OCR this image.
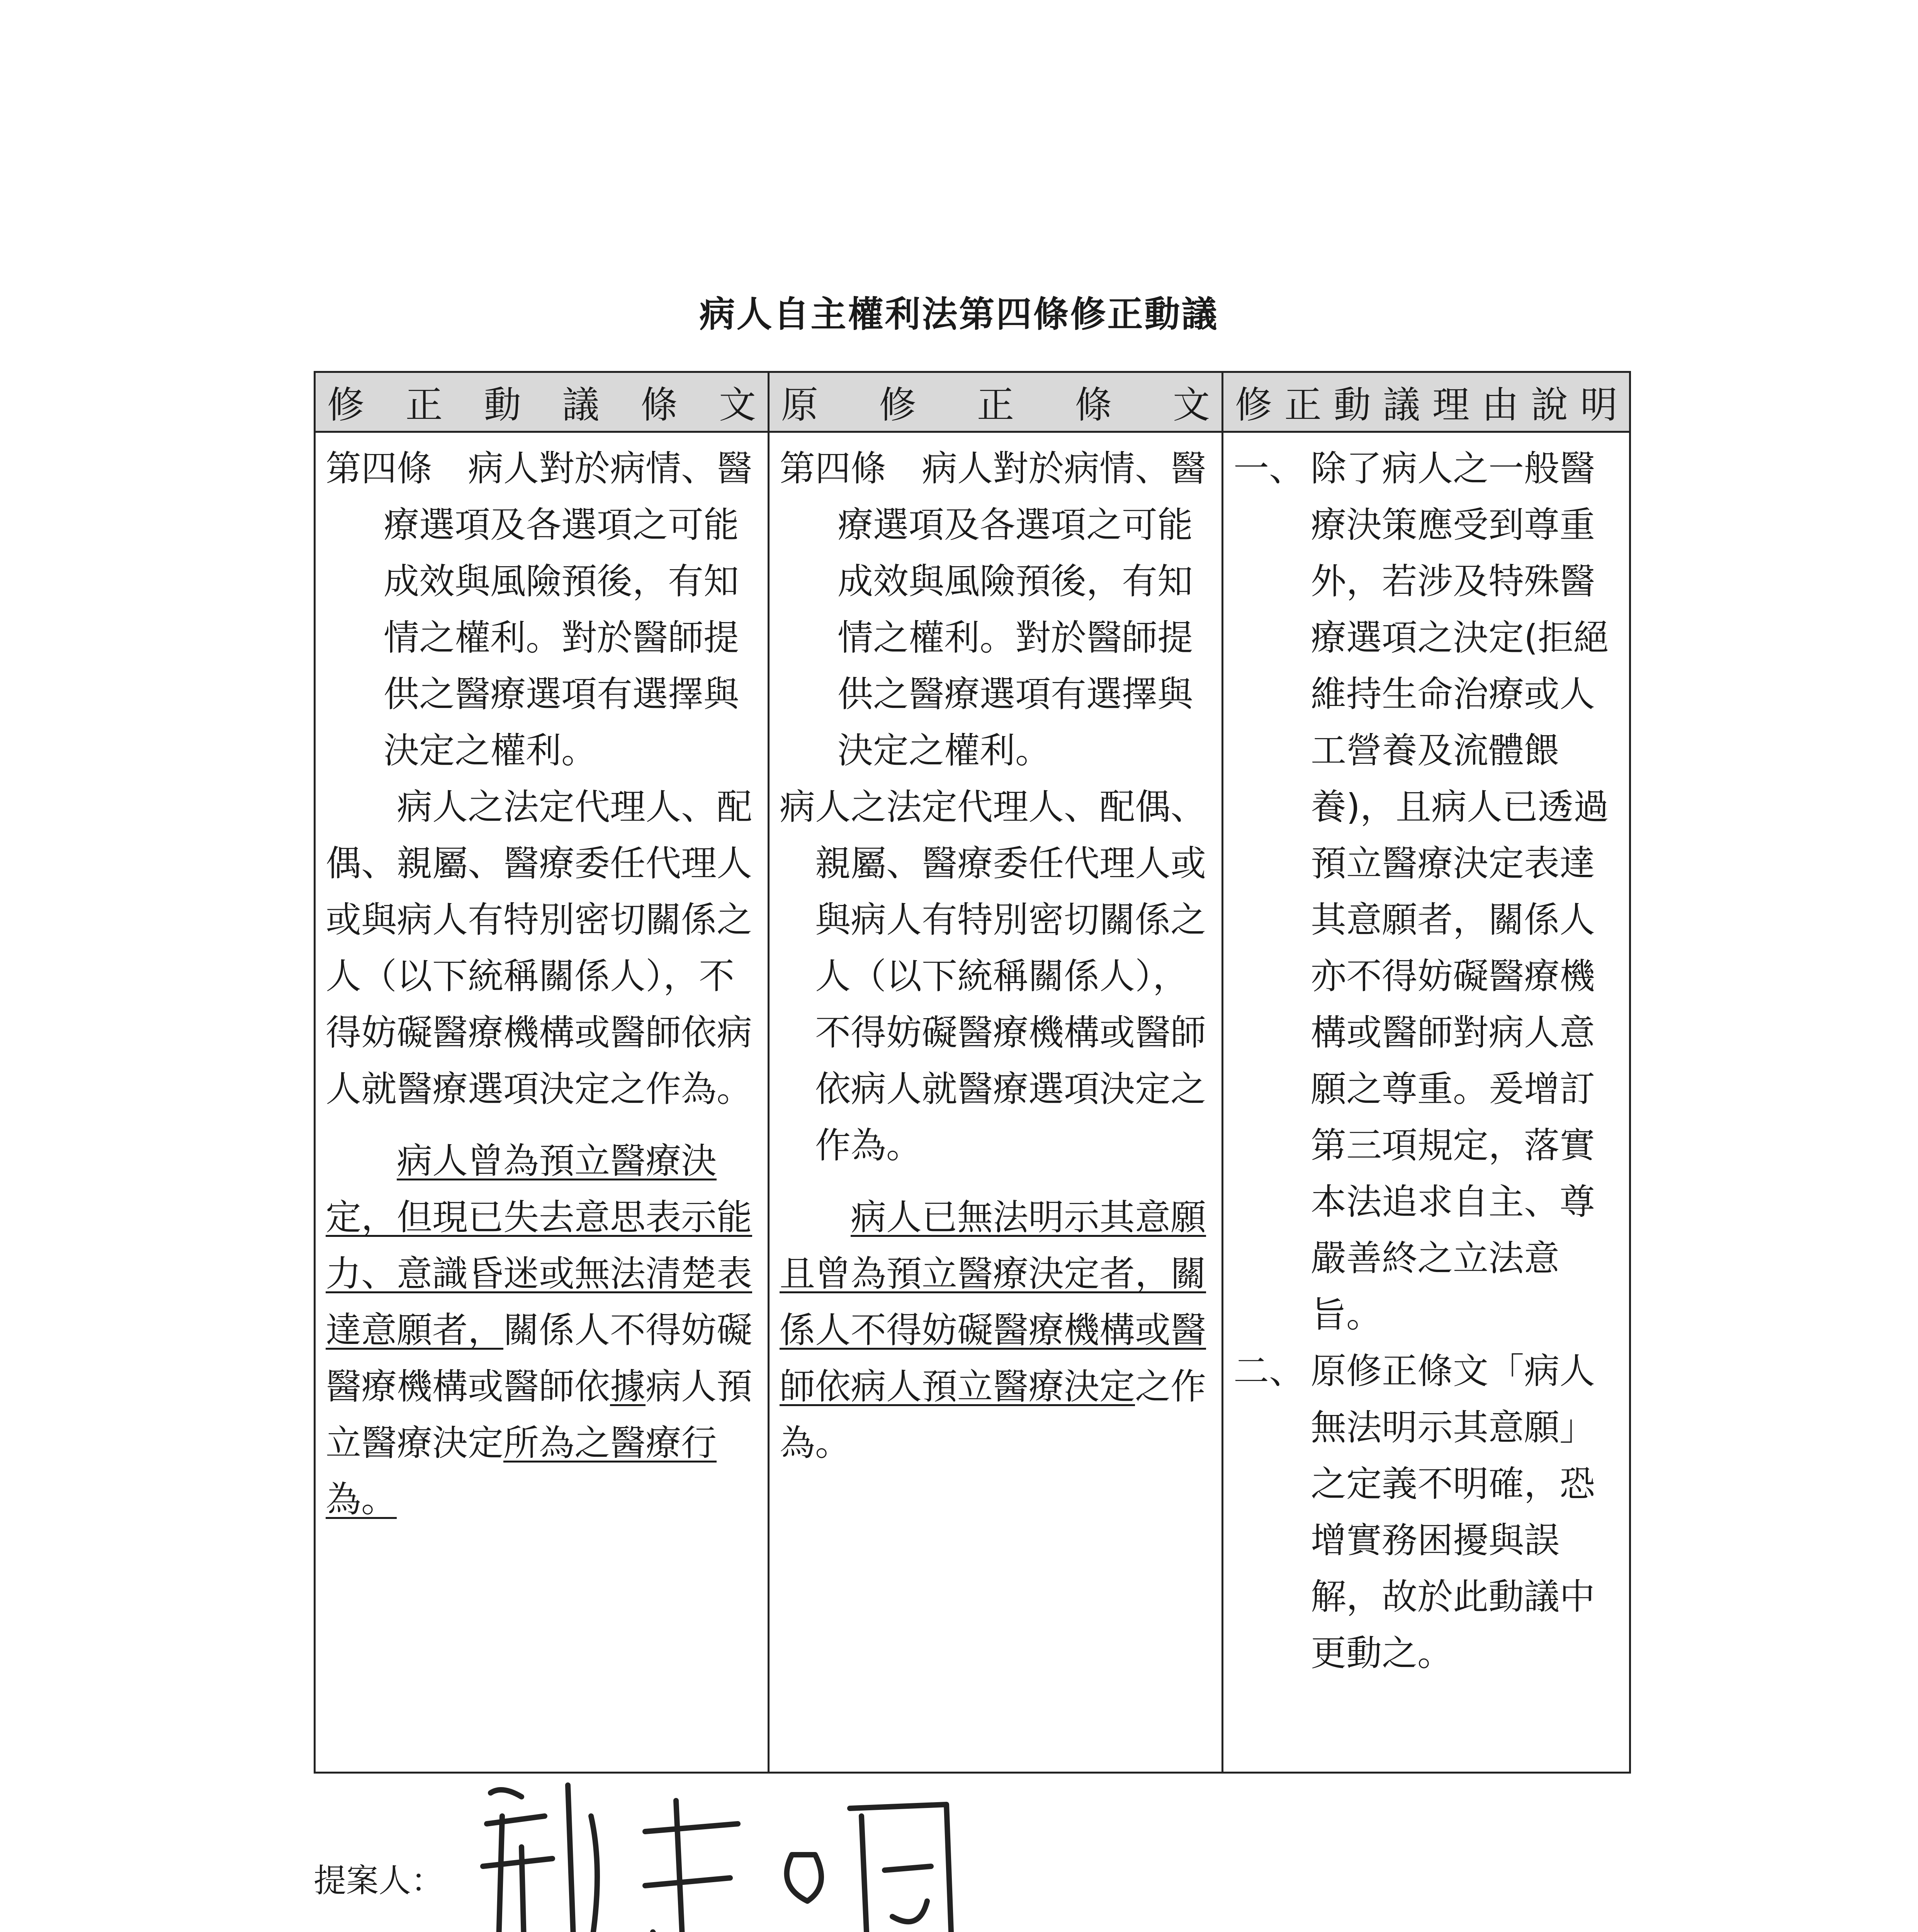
病人自主權利法第四條修正動議
修 正 動 議 條 文 原 修 正 條 文 修 正 動 議 理 由 說 明

第四條　病人對於病情、醫療選項及各選項之可能成效與風險預後，有知情之權利。對於醫師提供之醫療選項有選擇與決定之權利。

病人之法定代理人、配偶、親屬、醫療委任代理人或與病人有特別密切關係之人（以下統稱關係人），不得妨礙醫療機構或醫師依病人就醫療選項決定之作為。

病人曾為預立醫療決定，但現已失去意思表示能力、意識昏迷或無法清楚表達意願者，關係人不得妨礙醫療機構或醫師依據病人預立醫療決定所為之醫療行為。

第四條　病人對於病情、醫療選項及各選項之可能成效與風險預後，有知情之權利。對於醫師提供之醫療選項有選擇與決定之權利。

病人之法定代理人、配偶、親屬、醫療委任代理人或與病人有特別密切關係之人（以下統稱關係人），不得妨礙醫療機構或醫師依病人就醫療選項決定之作為。

病人已無法明示其意願且曾為預立醫療決定者，關係人不得妨礙醫療機構或醫師依病人預立醫療決定之作為。

一、 除了病人之一般醫療決策應受到尊重外，若涉及特殊醫療選項之決定(拒絕維持生命治療或人工營養及流體餵養)，且病人已透過預立醫療決定表達其意願者，關係人亦不得妨礙醫療機構或醫師對病人意願之尊重。爰增訂第三項規定，落實本法追求自主、尊嚴善終之立法意旨。
二、 原修正條文「病人無法明示其意願」之定義不明確，恐增實務困擾與誤解，故於此動議中更動之。
提案人：
